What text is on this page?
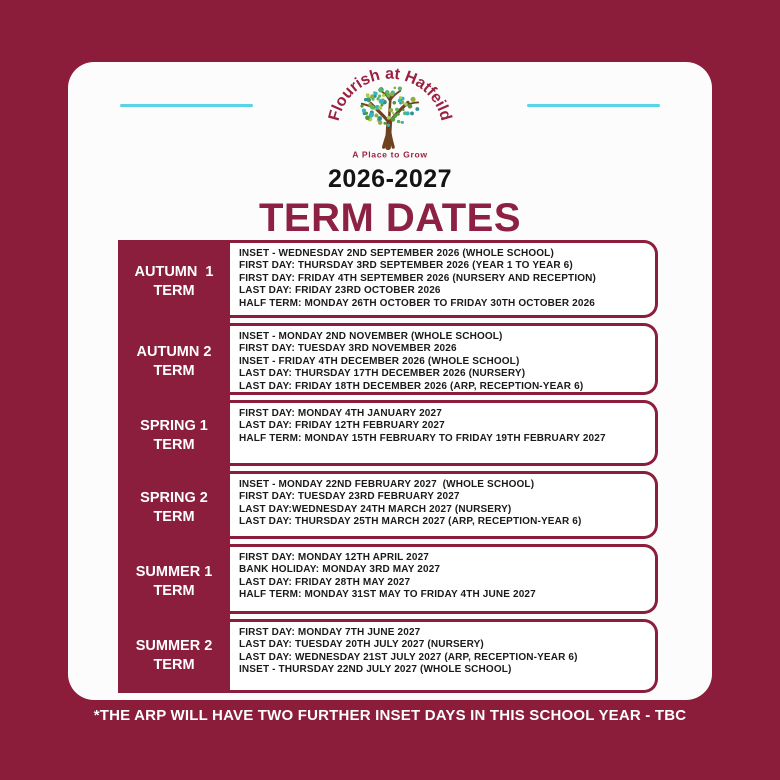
Flourish at Hatfeild
A Place to Grow
2026-2027
TERM DATES
AUTUMN  1
TERM
INSET - WEDNESDAY 2ND SEPTEMBER 2026 (WHOLE SCHOOL)
FIRST DAY: THURSDAY 3RD SEPTEMBER 2026 (YEAR 1 TO YEAR 6)
FIRST DAY: FRIDAY 4TH SEPTEMBER 2026 (NURSERY AND RECEPTION)
LAST DAY: FRIDAY 23RD OCTOBER 2026
HALF TERM: MONDAY 26TH OCTOBER TO FRIDAY 30TH OCTOBER 2026
AUTUMN 2
TERM
INSET - MONDAY 2ND NOVEMBER (WHOLE SCHOOL)
FIRST DAY: TUESDAY 3RD NOVEMBER 2026
INSET - FRIDAY 4TH DECEMBER 2026 (WHOLE SCHOOL)
LAST DAY: THURSDAY 17TH DECEMBER 2026 (NURSERY)
LAST DAY: FRIDAY 18TH DECEMBER 2026 (ARP, RECEPTION-YEAR 6)
SPRING 1
TERM
FIRST DAY: MONDAY 4TH JANUARY 2027
LAST DAY: FRIDAY 12TH FEBRUARY 2027
HALF TERM: MONDAY 15TH FEBRUARY TO FRIDAY 19TH FEBRUARY 2027
SPRING 2
TERM
INSET - MONDAY 22ND FEBRUARY 2027  (WHOLE SCHOOL)
FIRST DAY: TUESDAY 23RD FEBRUARY 2027
LAST DAY:WEDNESDAY 24TH MARCH 2027 (NURSERY)
LAST DAY: THURSDAY 25TH MARCH 2027 (ARP, RECEPTION-YEAR 6)
SUMMER 1
TERM
FIRST DAY: MONDAY 12TH APRIL 2027
BANK HOLIDAY: MONDAY 3RD MAY 2027
LAST DAY: FRIDAY 28TH MAY 2027
HALF TERM: MONDAY 31ST MAY TO FRIDAY 4TH JUNE 2027
SUMMER 2
TERM
FIRST DAY: MONDAY 7TH JUNE 2027
LAST DAY: TUESDAY 20TH JULY 2027 (NURSERY)
LAST DAY: WEDNESDAY 21ST JULY 2027 (ARP, RECEPTION-YEAR 6)
INSET - THURSDAY 22ND JULY 2027 (WHOLE SCHOOL)
*THE ARP WILL HAVE TWO FURTHER INSET DAYS IN THIS SCHOOL YEAR - TBC
